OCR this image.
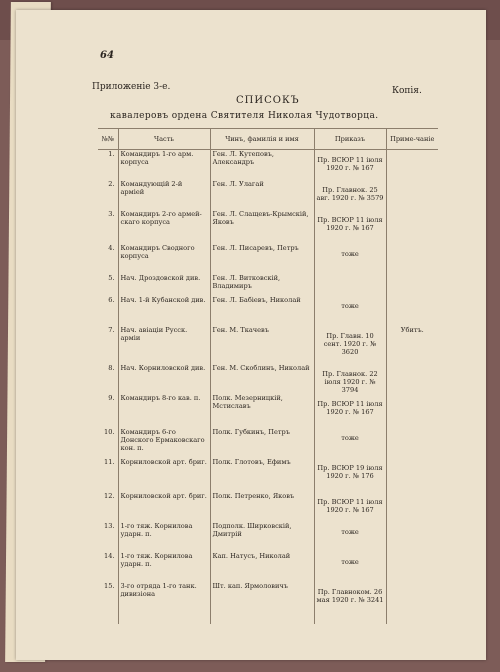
64
Приложеніе 3-е.	Копія.
СПИСОКЪ
кавалеровъ ордена Святителя Николая Чудотворца.
№№	Часть	Чинъ, фамилія и имя	Приказъ	Приме-чаніе
1.	Командиръ 1-го арм. корпуса	Ген. Л. Кутеповъ, Александръ	Пр. ВСЮР 11 іюля 1920 г. № 167	
2.	Командующій 2-й арміей	Ген. Л. Улагай	Пр. Главнок. 25 авг. 1920 г. № 3579	
3.	Командиръ 2-го армей-скаго корпуса	Ген. Л. Слащевъ-Крымскій, Яковъ	Пр. ВСЮР 11 іюля 1920 г. № 167	
4.	Командиръ Сводного корпуса	Ген. Л. Писаревъ, Петръ	тоже	
5.	Нач. Дроздовской див.	Ген. Л. Витковскій, Владимиръ		
6.	Нач. 1-й Кубанской див.	Ген. Л. Бабіевъ, Николай	тоже	
7.	Нач. авіаціи Русск. арміи	Ген. М. Ткачевъ	Пр. Главн. 10 сент. 1920 г. № 3620	Убитъ.
8.	Нач. Корниловской див.	Ген. М. Скоблинъ, Николай	Пр. Главнок. 22 іюля 1920 г. № 3794	
9.	Командиръ 8-го кав. п.	Полк. Мезерницкій, Мстиславъ	Пр. ВСЮР 11 іюля 1920 г. № 167	
10.	Командиръ 6-го Донского Ермаковскаго кон. п.	Полк. Губкинъ, Петръ	тоже	
11.	Корниловской арт. бриг.	Полк. Глотовъ, Ефимъ	Пр. ВСЮР 19 іюля 1920 г. № 176	
12.	Корниловской арт. бриг.	Полк. Петренко, Яковъ	Пр. ВСЮР 11 іюля 1920 г. № 167	
13.	1-го тяж. Корнилова ударн. п.	Подполк. Ширковскій, Дмитрій	тоже	
14.	1-го тяж. Корнилова ударн. п.	Кап. Натусъ, Николай	тоже	
15.	3-го отряда 1-го танк. дивизіона	Шт. кап. Ярмоловичъ	Пр. Главноком. 26 мая 1920 г. № 3241	
